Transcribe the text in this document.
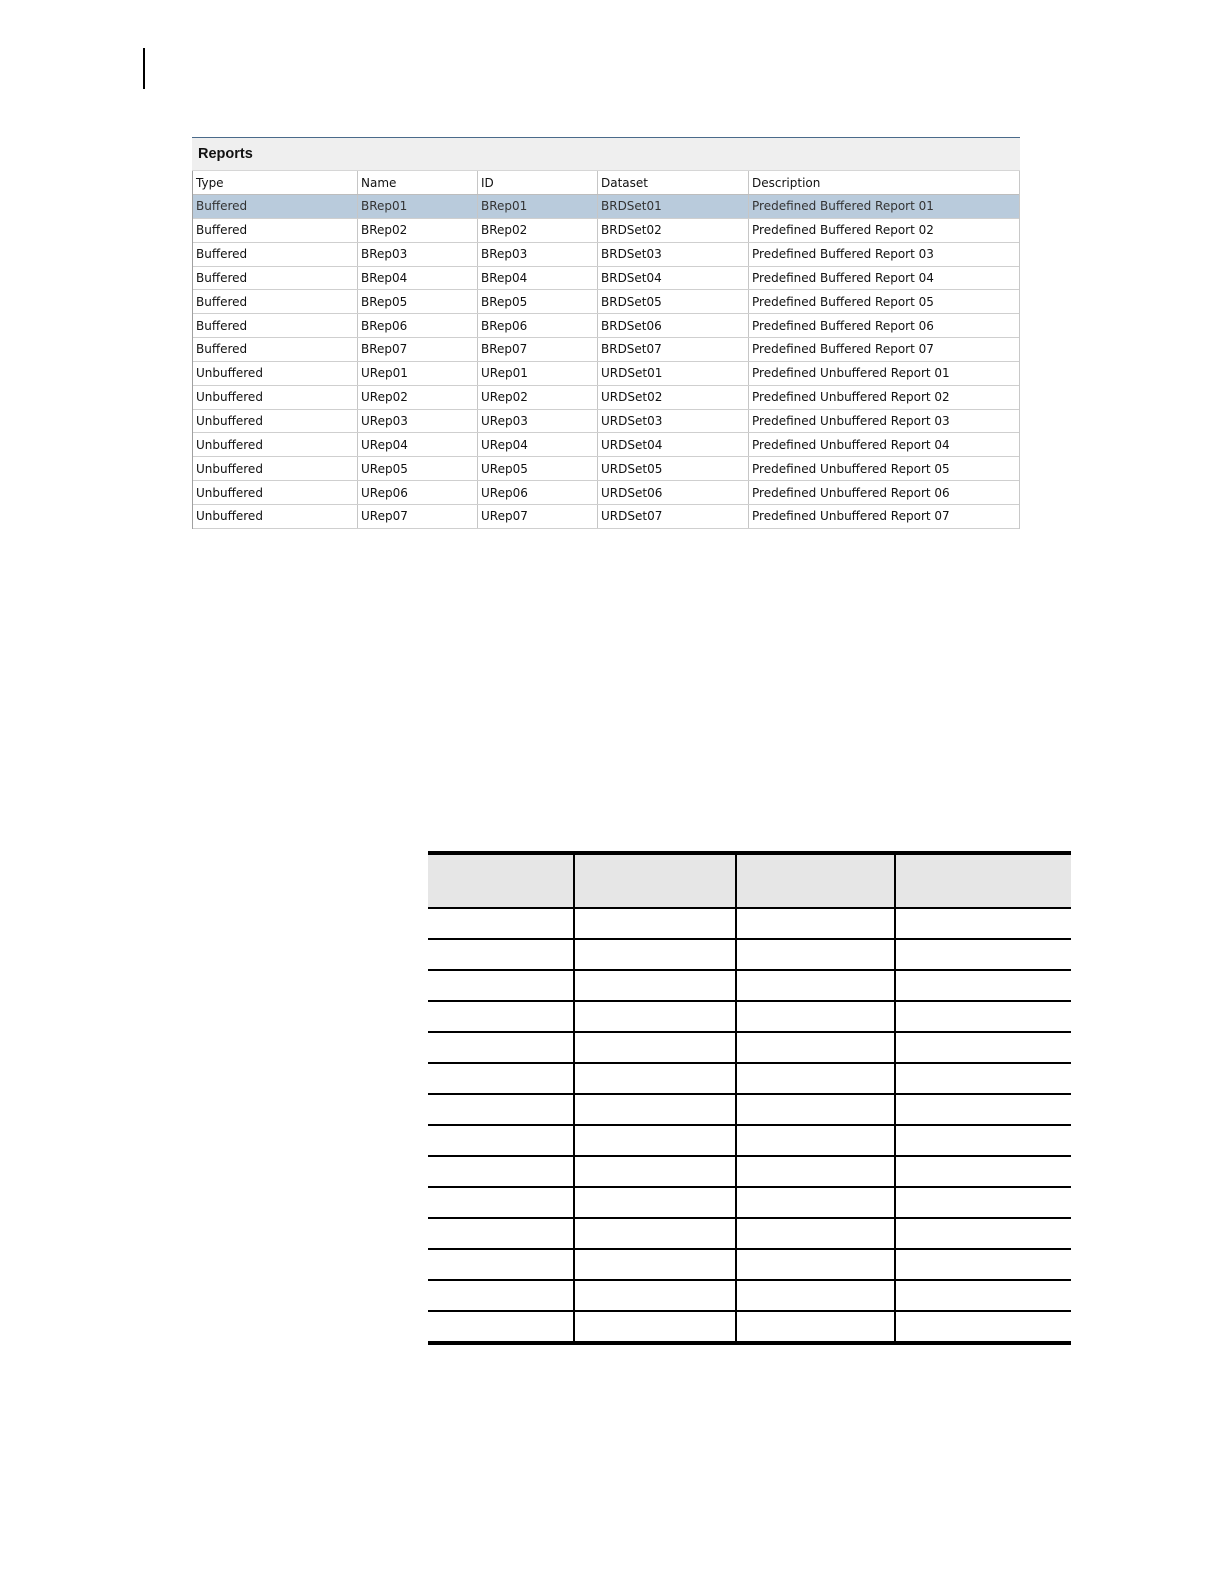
Reports
Type	Name	ID	Dataset	Description
Buffered	BRep01	BRep01	BRDSet01	Predefined Buffered Report 01
Buffered	BRep02	BRep02	BRDSet02	Predefined Buffered Report 02
Buffered	BRep03	BRep03	BRDSet03	Predefined Buffered Report 03
Buffered	BRep04	BRep04	BRDSet04	Predefined Buffered Report 04
Buffered	BRep05	BRep05	BRDSet05	Predefined Buffered Report 05
Buffered	BRep06	BRep06	BRDSet06	Predefined Buffered Report 06
Buffered	BRep07	BRep07	BRDSet07	Predefined Buffered Report 07
Unbuffered	URep01	URep01	URDSet01	Predefined Unbuffered Report 01
Unbuffered	URep02	URep02	URDSet02	Predefined Unbuffered Report 02
Unbuffered	URep03	URep03	URDSet03	Predefined Unbuffered Report 03
Unbuffered	URep04	URep04	URDSet04	Predefined Unbuffered Report 04
Unbuffered	URep05	URep05	URDSet05	Predefined Unbuffered Report 05
Unbuffered	URep06	URep06	URDSet06	Predefined Unbuffered Report 06
Unbuffered	URep07	URep07	URDSet07	Predefined Unbuffered Report 07
